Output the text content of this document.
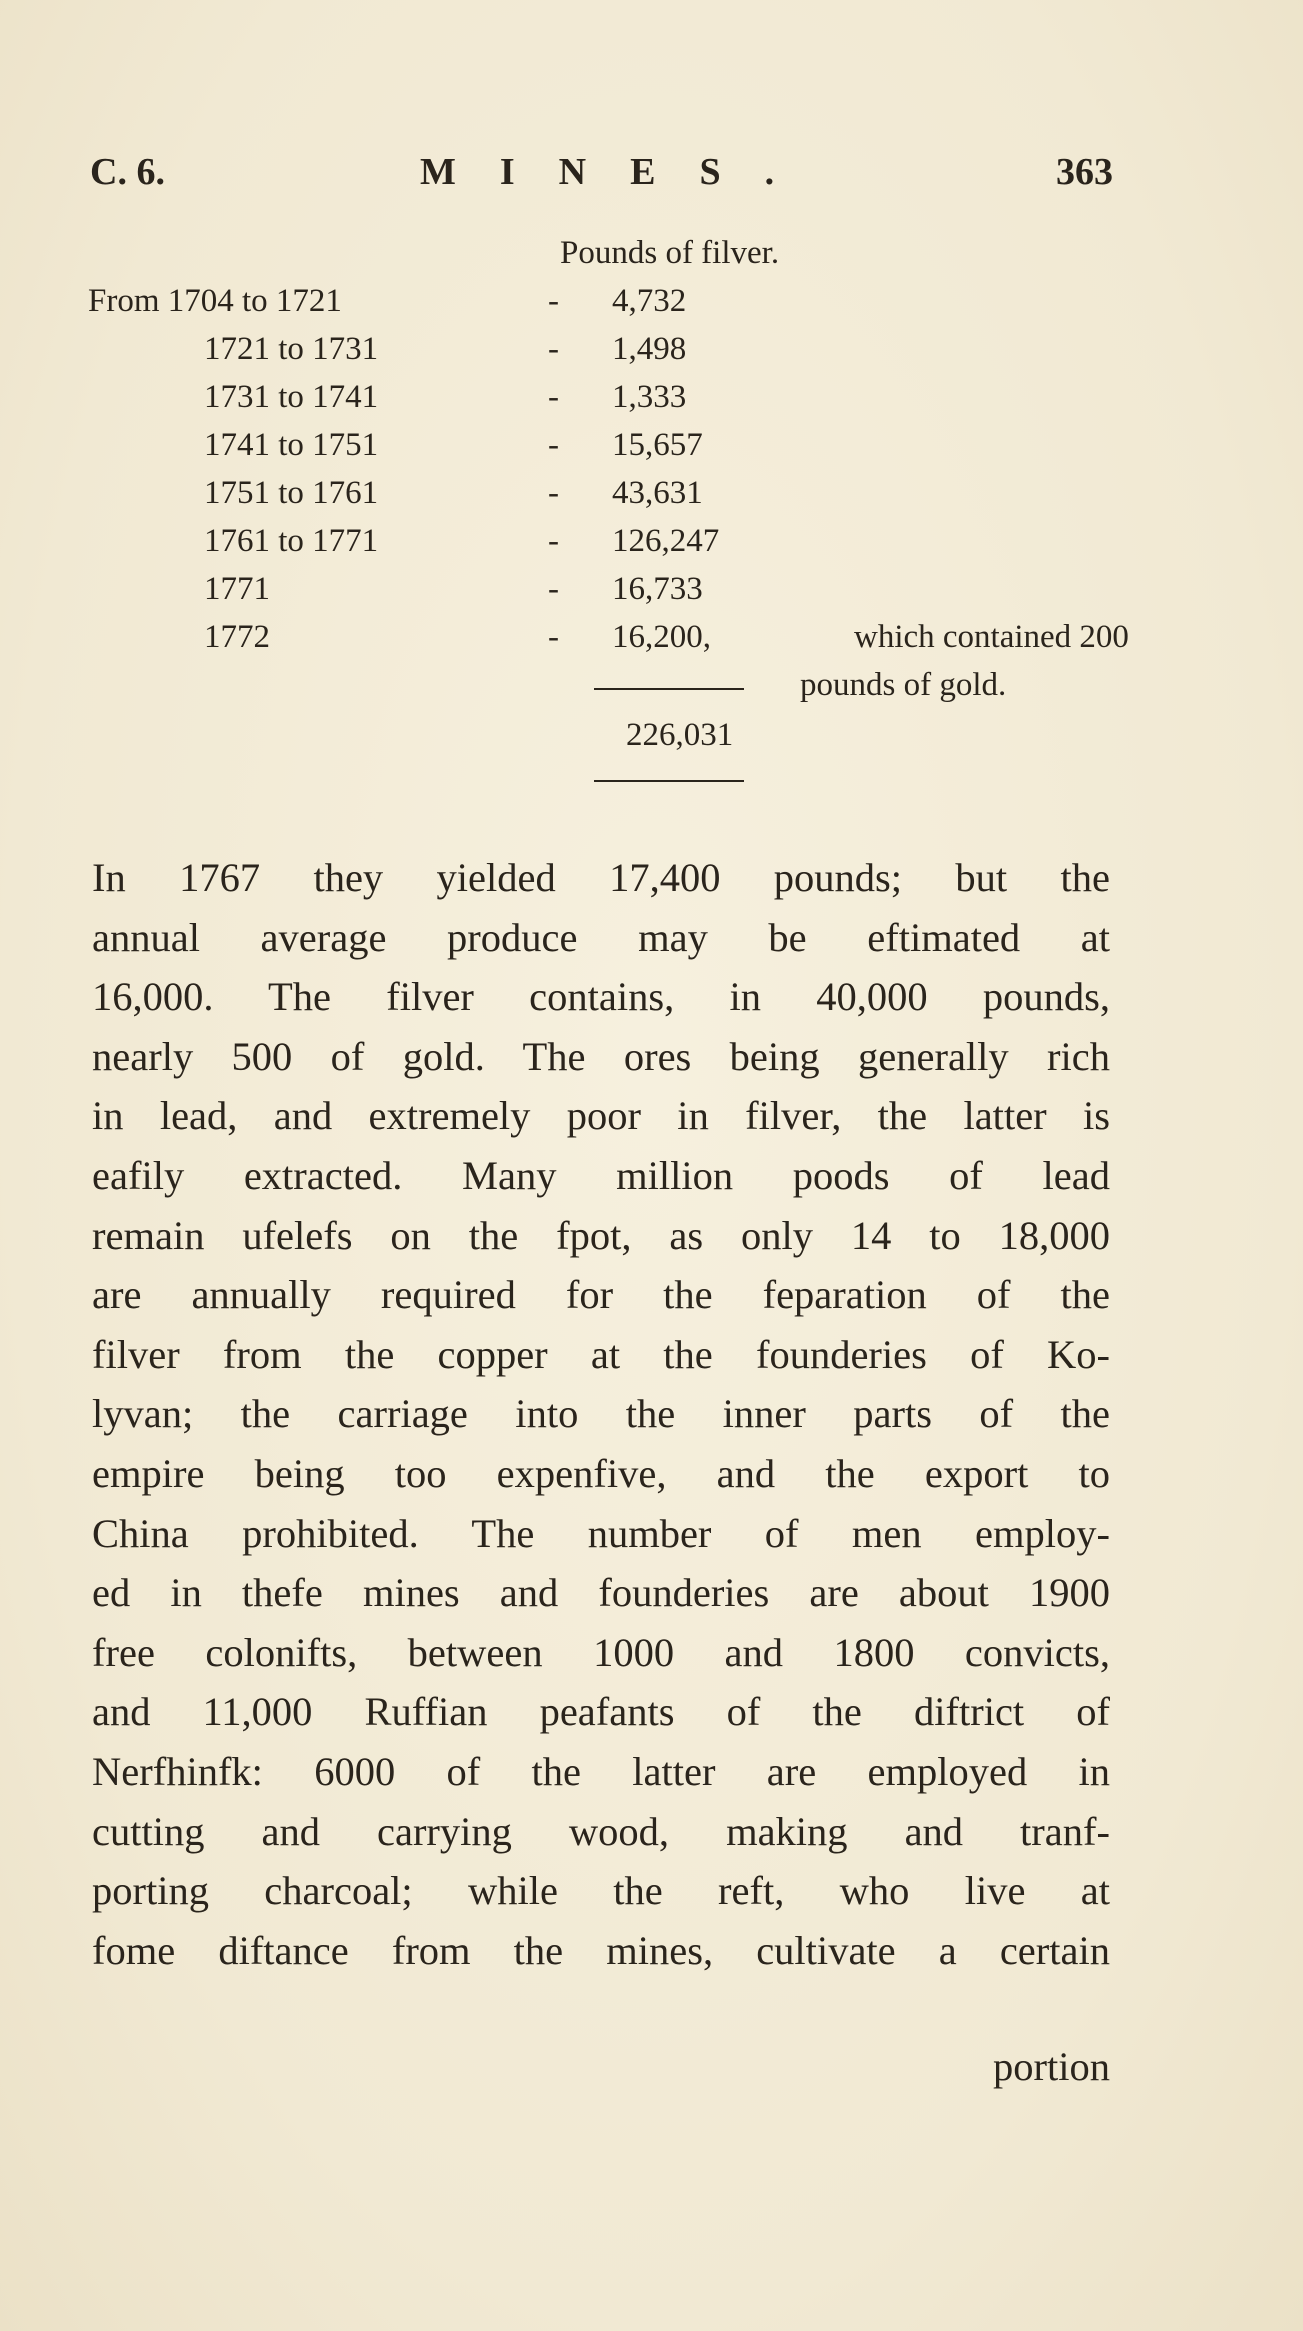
C. 6.	MINES.	363
Pounds of filver.
From 1704 to 1721	- 4,732
1721 to 1731	- 1,498
1731 to 1741	- 1,333
1741 to 1751	- 15,657
1751 to 1761	- 43,631
1761 to 1771	- 126,247
1771	- 16,733
1772	- 16,200,	which contained 200
pounds of gold.
226,031
In 1767 they yielded 17,400 pounds; but the
annual average produce may be eftimated at
16,000. The filver contains, in 40,000 pounds,
nearly 500 of gold. The ores being generally rich
in lead, and extremely poor in filver, the latter is
eafily extracted. Many million poods of lead
remain ufelefs on the fpot, as only 14 to 18,000
are annually required for the feparation of the
filver from the copper at the founderies of Ko-
lyvan; the carriage into the inner parts of the
empire being too expenfive, and the export to
China prohibited. The number of men employ-
ed in thefe mines and founderies are about 1900
free colonifts, between 1000 and 1800 convicts,
and 11,000 Ruffian peafants of the diftrict of
Nerfhinfk: 6000 of the latter are employed in
cutting and carrying wood, making and tranf-
porting charcoal; while the reft, who live at
fome diftance from the mines, cultivate a certain
portion
